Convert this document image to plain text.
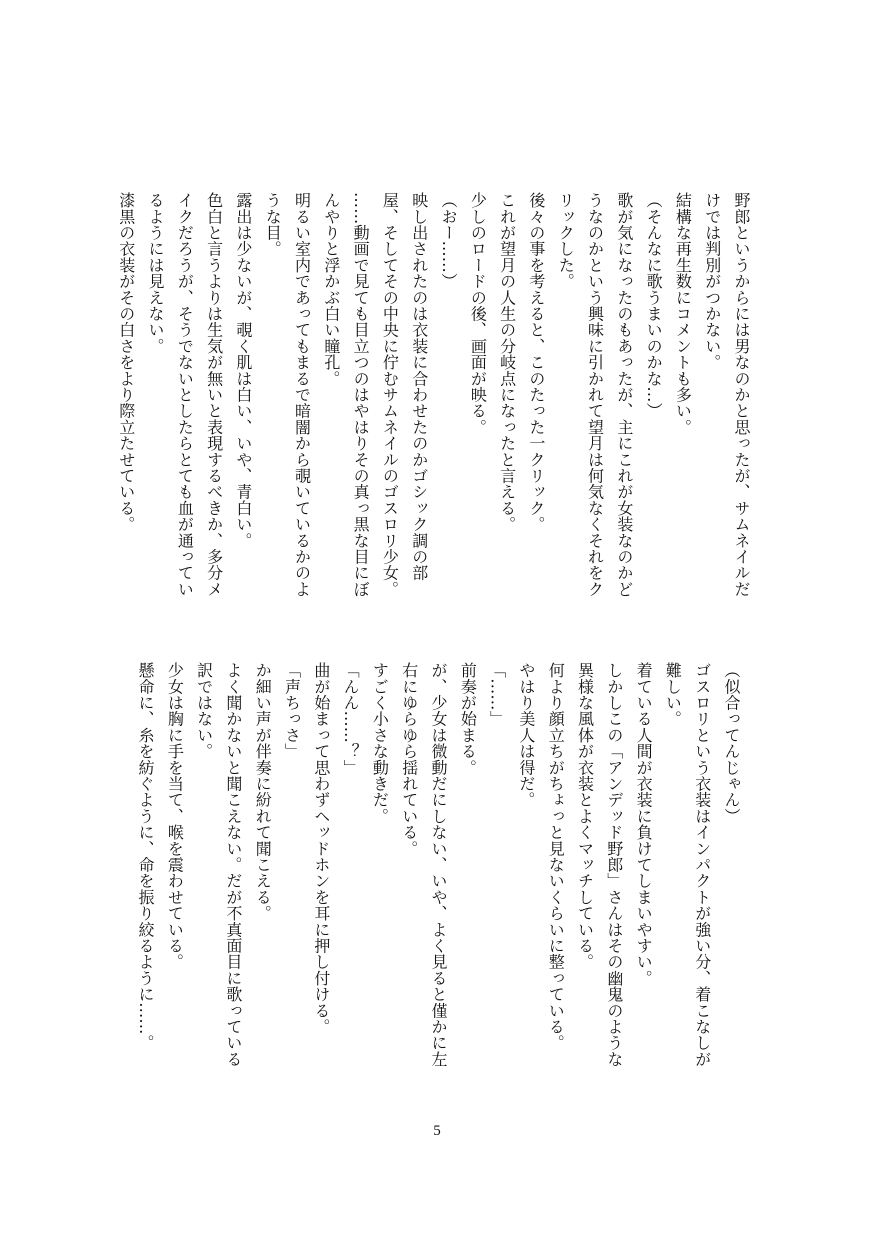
野郎というからには男なのかと思ったが、サムネイルだ
けでは判別がつかない。
結構な再生数にコメントも多い。
（そんなに歌うまいのかな…）
歌が気になったのもあったが、主にこれが女装なのかど
うなのかという興味に引かれて望月は何気なくそれをク
リックした。
後々の事を考えると、このたった一クリック。
これが望月の人生の分岐点になったと言える。
少しのロードの後、画面が映る。
（おー……）
映し出されたのは衣装に合わせたのかゴシック調の部
屋、そしてその中央に佇むサムネイルのゴスロリ少女。
……動画で見ても目立つのはやはりその真っ黒な目にぼ
んやりと浮かぶ白い瞳孔。
明るい室内であってもまるで暗闇から覗いているかのよ
うな目。
露出は少ないが、覗く肌は白い、いや、青白い。
色白と言うよりは生気が無いと表現するべきか、多分メ
イクだろうが、そうでないとしたらとても血が通ってい
るようには見えない。
漆黒の衣装がその白さをより際立たせている。
（似合ってんじゃん）
ゴスロリという衣装はインパクトが強い分、着こなしが
難しい。
着ている人間が衣装に負けてしまいやすい。
しかしこの「アンデッド野郎」さんはその幽鬼のような
異様な風体が衣装とよくマッチしている。
何より顔立ちがちょっと見ないくらいに整っている。
やはり美人は得だ。
「……」
前奏が始まる。
が、少女は微動だにしない、いや、よく見ると僅かに左
右にゆらゆら揺れている。
すごく小さな動きだ。
「んん……？」
曲が始まって思わずヘッドホンを耳に押し付ける。
「声ちっさ」
か細い声が伴奏に紛れて聞こえる。
よく聞かないと聞こえない。だが不真面目に歌っている
訳ではない。
少女は胸に手を当て、喉を震わせている。
懸命に、糸を紡ぐように、命を振り絞るように……。
5
